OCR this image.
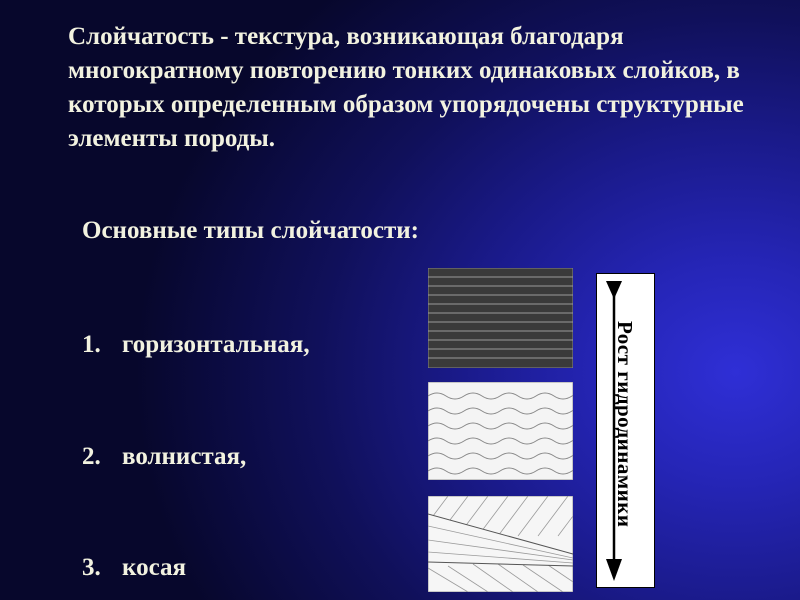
Слойчатость - текстура, возникающая благодаря многократному повторению тонких одинаковых слойков, в которых определенным образом упорядочены структурные элементы породы.

Основные типы слойчатости:

1. горизонтальная,
2. волнистая,
3. косая
Рост гидродинамики
